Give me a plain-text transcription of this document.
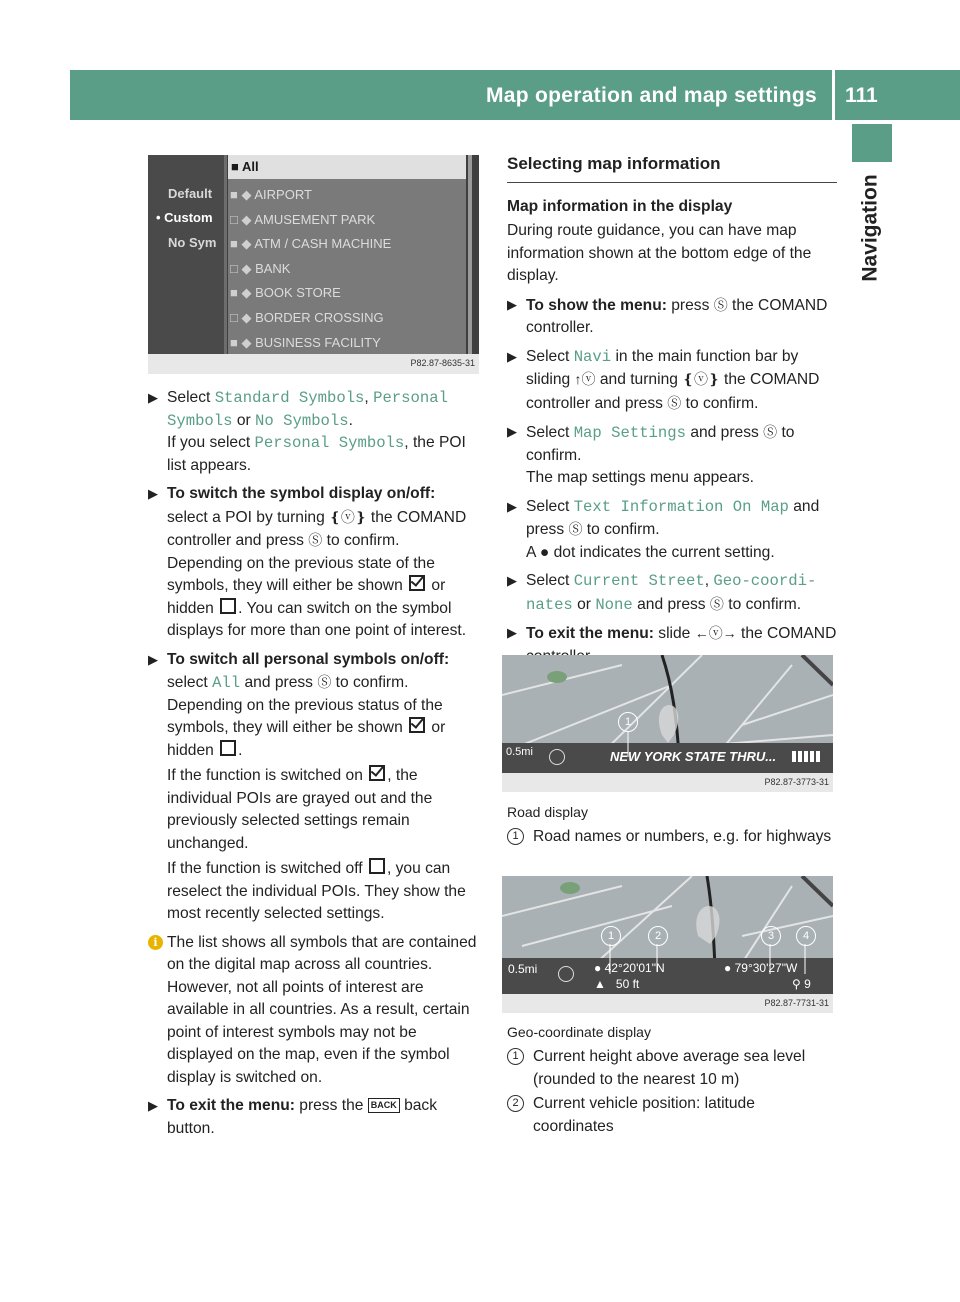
Map operation and map settings 111
Navigation
Default
• Custom
No Sym
■ All
■ ◆ AIRPORT
□ ◆ AMUSEMENT PARK
■ ◆ ATM / CASH MACHINE
□ ◆ BANK
■ ◆ BOOK STORE
□ ◆ BORDER CROSSING
■ ◆ BUSINESS FACILITY
P82.87-8635-31
▶ Select Standard Symbols, Personal
Symbols or No Symbols.

If you select Personal Symbols, the POI list appears.

▶ To switch the symbol display on/off:

select a POI by turning ❴ⓥ❵ the COMAND controller and press Ⓢ to confirm.

Depending on the previous state of the symbols, they will either be shown  or hidden . You can switch on the symbol displays for more than one point of interest.

▶ To switch all personal symbols on/off:

select All and press Ⓢ to confirm.

Depending on the previous status of the symbols, they will either be shown  or hidden .

If the function is switched on , the individual POIs are grayed out and the previously selected settings remain unchanged.

If the function is switched off , you can reselect the individual POIs. They show the most recently selected settings.

i The list shows all symbols that are contained on the digital map across all countries. However, not all points of interest are available in all countries. As a result, certain point of interest symbols may not be displayed on the map, even if the symbol display is switched on.

▶ To exit the menu: press the BACK back button.

Selecting map information

Map information in the display

During route guidance, you can have map information shown at the bottom edge of the display.

▶ To show the menu: press Ⓢ the COMAND controller.

▶ Select Navi in the main function bar by sliding ↑ⓥ and turning ❴ⓥ❵ the COMAND controller and press Ⓢ to confirm.

▶ Select Map Settings and press Ⓢ to confirm.

The map settings menu appears.

▶ Select Text Information On Map and press Ⓢ to confirm.

A ● dot indicates the current setting.

▶ Select Current Street, Geo-coordi-
nates or None and press Ⓢ to confirm.

▶ To exit the menu: slide ←ⓥ→ the COMAND

1
0.5mi	NEW YORK STATE THRU...
P82.87-3773-31
Road display
1 Road names or numbers, e.g. for highways

1	2	3	4
0.5mi	● 42°20'01"N
▲   50 ft
● 79°30'27"W
⚲ 9
P82.87-7731-31
Geo-coordinate display
1 Current height above average sea level (rounded to the nearest 10 m)

2 Current vehicle position: latitude coordinates
